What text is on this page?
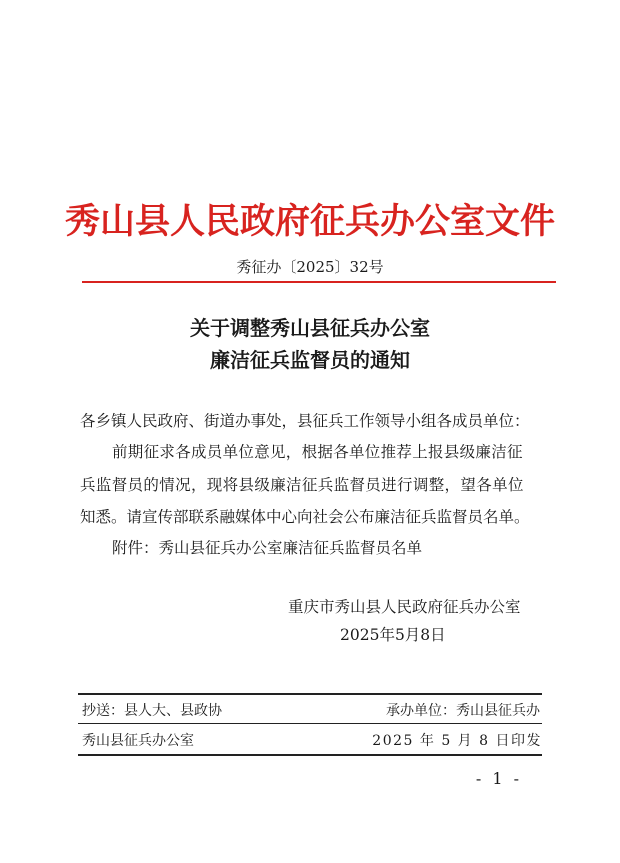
秀山县人民政府征兵办公室文件
秀征办〔2025〕32号
关于调整秀山县征兵办公室
廉洁征兵监督员的通知
各乡镇人民政府、街道办事处，县征兵工作领导小组各成员单位：
前期征求各成员单位意见，根据各单位推荐上报县级廉洁征
兵监督员的情况，现将县级廉洁征兵监督员进行调整，望各单位
知悉。请宣传部联系融媒体中心向社会公布廉洁征兵监督员名单。
附件：秀山县征兵办公室廉洁征兵监督员名单
重庆市秀山县人民政府征兵办公室
2025年5月8日
抄送：县人大、县政协	承办单位：秀山县征兵办
秀山县征兵办公室	2025 年 5 月 8 日印发
- 1 -
